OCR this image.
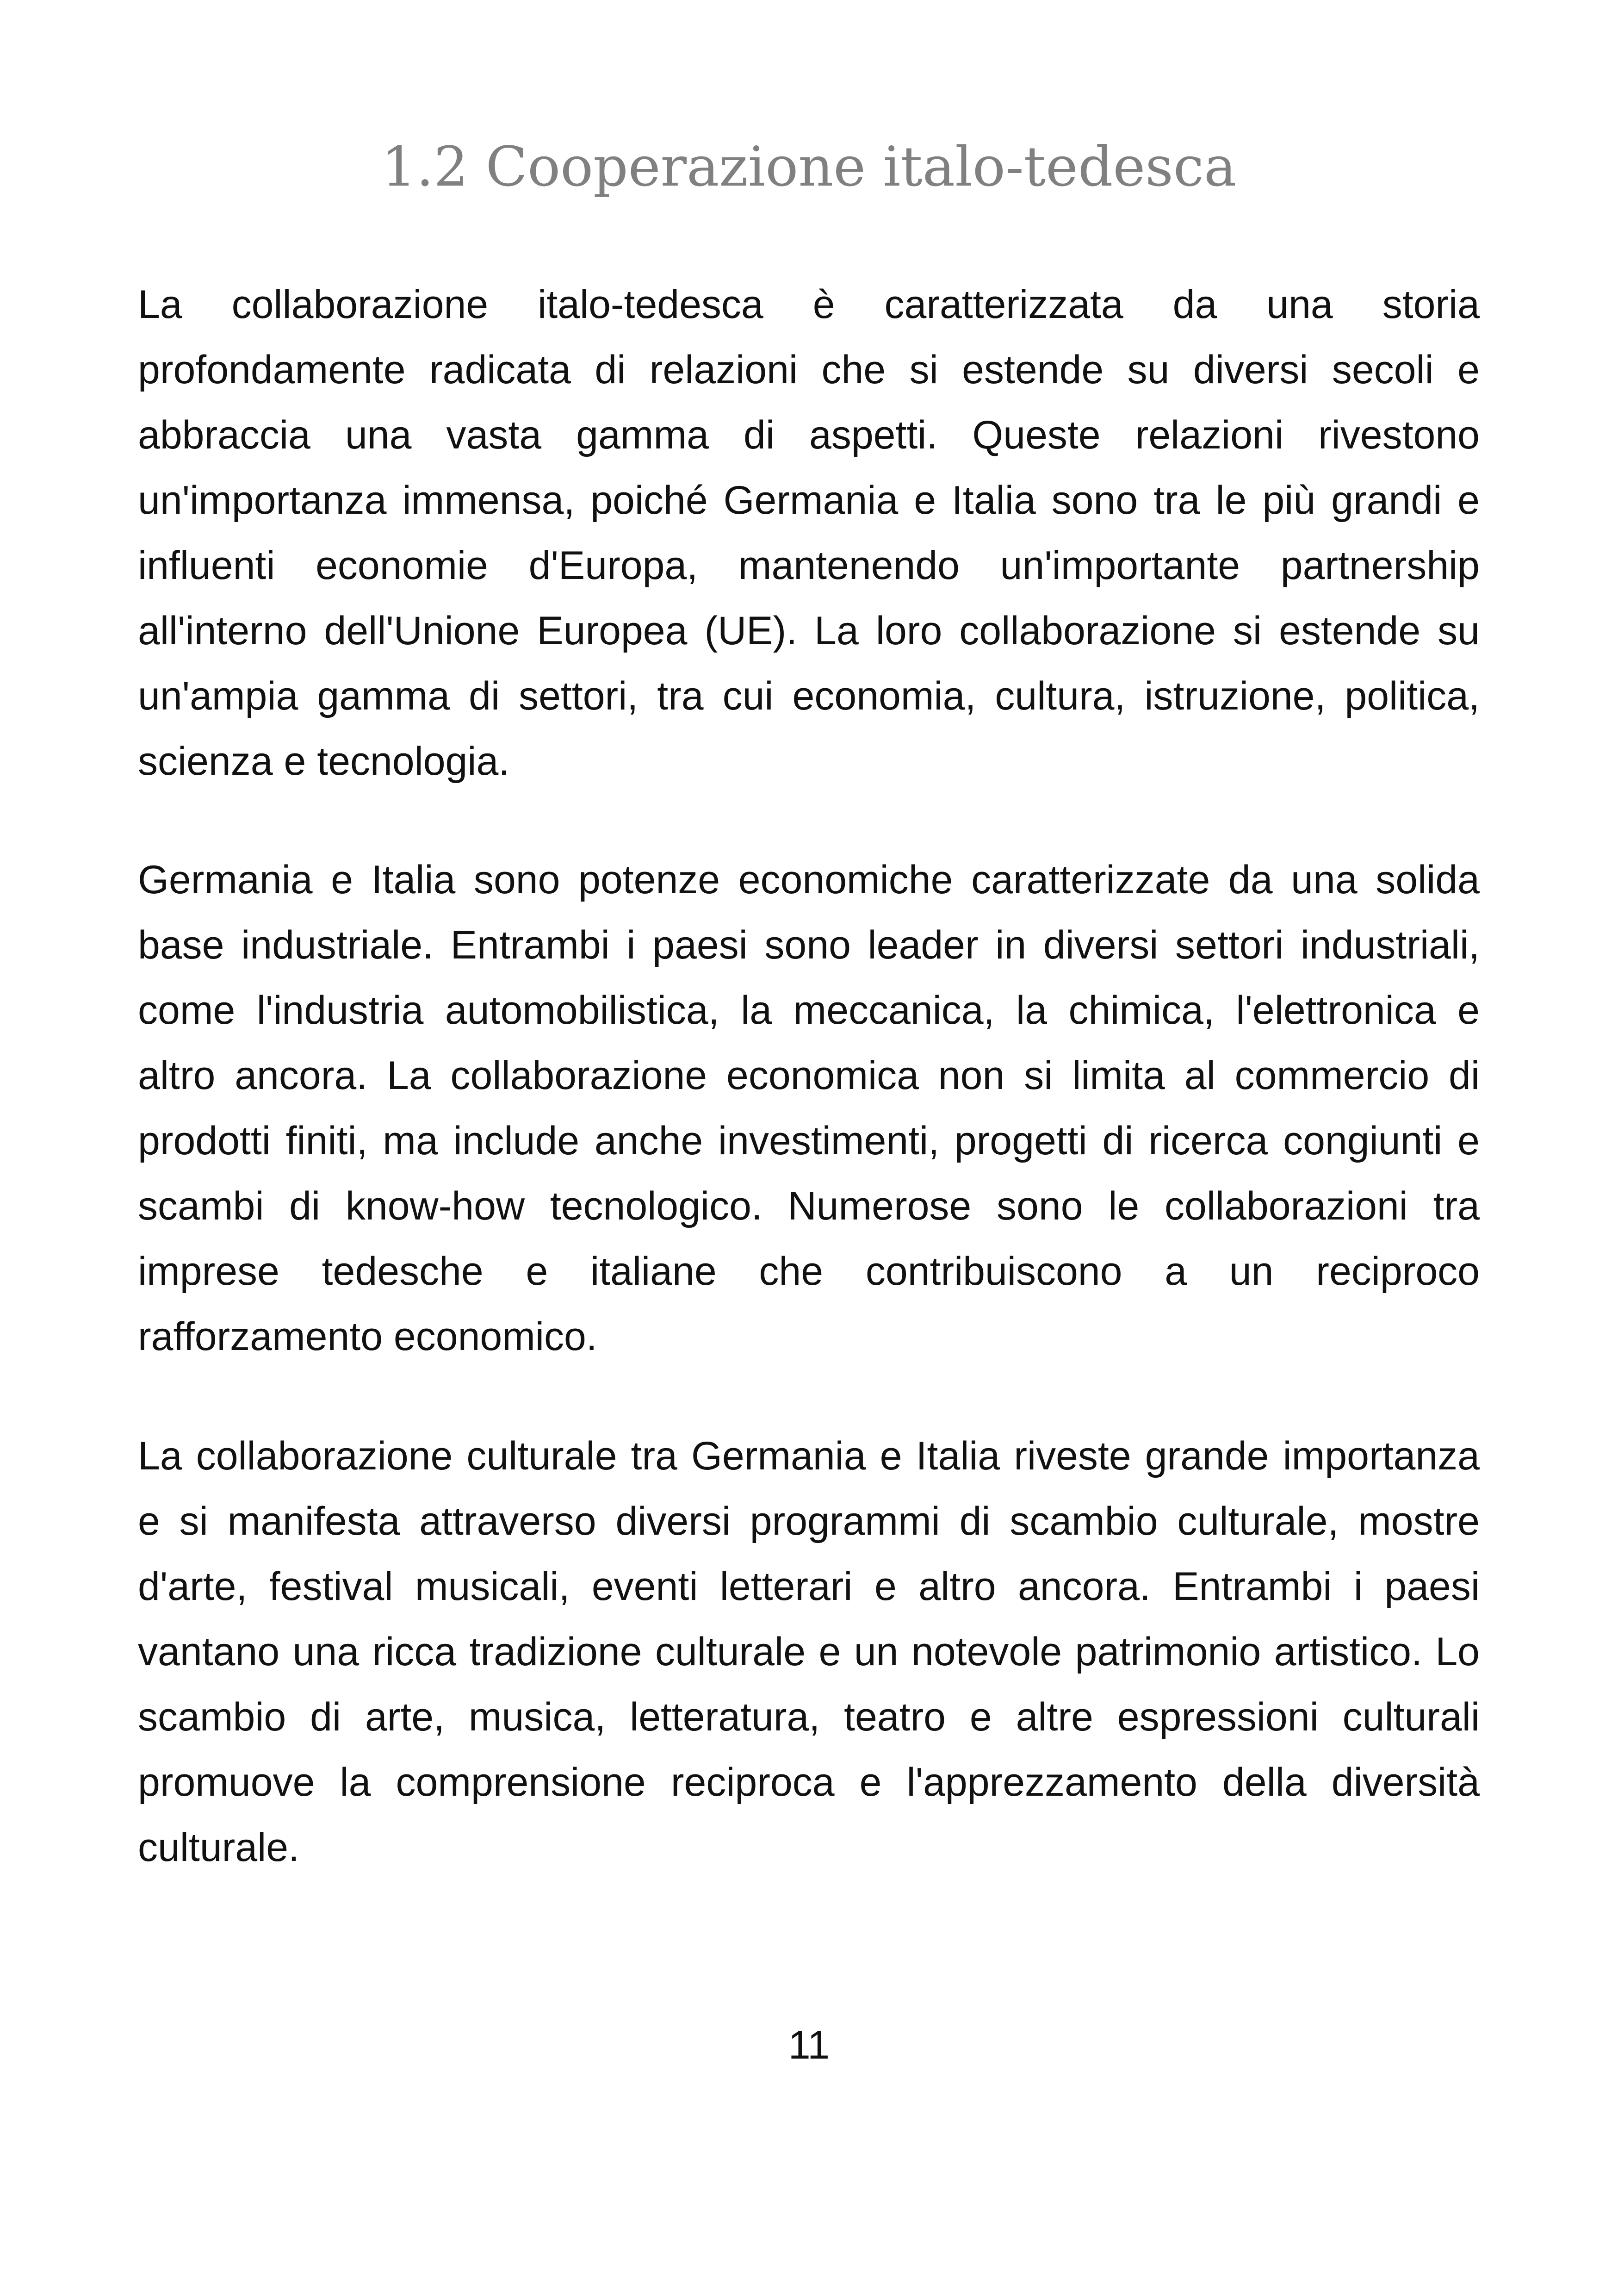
1.2 Cooperazione italo-tedesca

La collaborazione italo-tedesca è caratterizzata da una storia profondamente radicata di relazioni che si estende su diversi secoli e abbraccia una vasta gamma di aspetti. Queste relazioni rivestono un'importanza immensa, poiché Germania e Italia sono tra le più grandi e influenti economie d'Europa, mantenendo un'importante partnership all'interno dell'Unione Europea (UE). La loro collaborazione si estende su un'ampia gamma di settori, tra cui economia, cultura, istruzione, politica, scienza e tecnologia.

Germania e Italia sono potenze economiche caratterizzate da una solida base industriale. Entrambi i paesi sono leader in diversi settori industriali, come l'industria automobilistica, la meccanica, la chimica, l'elettronica e altro ancora. La collaborazione economica non si limita al commercio di prodotti finiti, ma include anche investimenti, progetti di ricerca congiunti e scambi di know-how tecnologico. Numerose sono le collaborazioni tra imprese tedesche e italiane che contribuiscono a un reciproco rafforzamento economico.

La collaborazione culturale tra Germania e Italia riveste grande importanza e si manifesta attraverso diversi programmi di scambio culturale, mostre d'arte, festival musicali, eventi letterari e altro ancora. Entrambi i paesi vantano una ricca tradizione culturale e un notevole patrimonio artistico. Lo scambio di arte, musica, letteratura, teatro e altre espressioni culturali promuove la comprensione reciproca e l'apprezzamento della diversità culturale.

11
